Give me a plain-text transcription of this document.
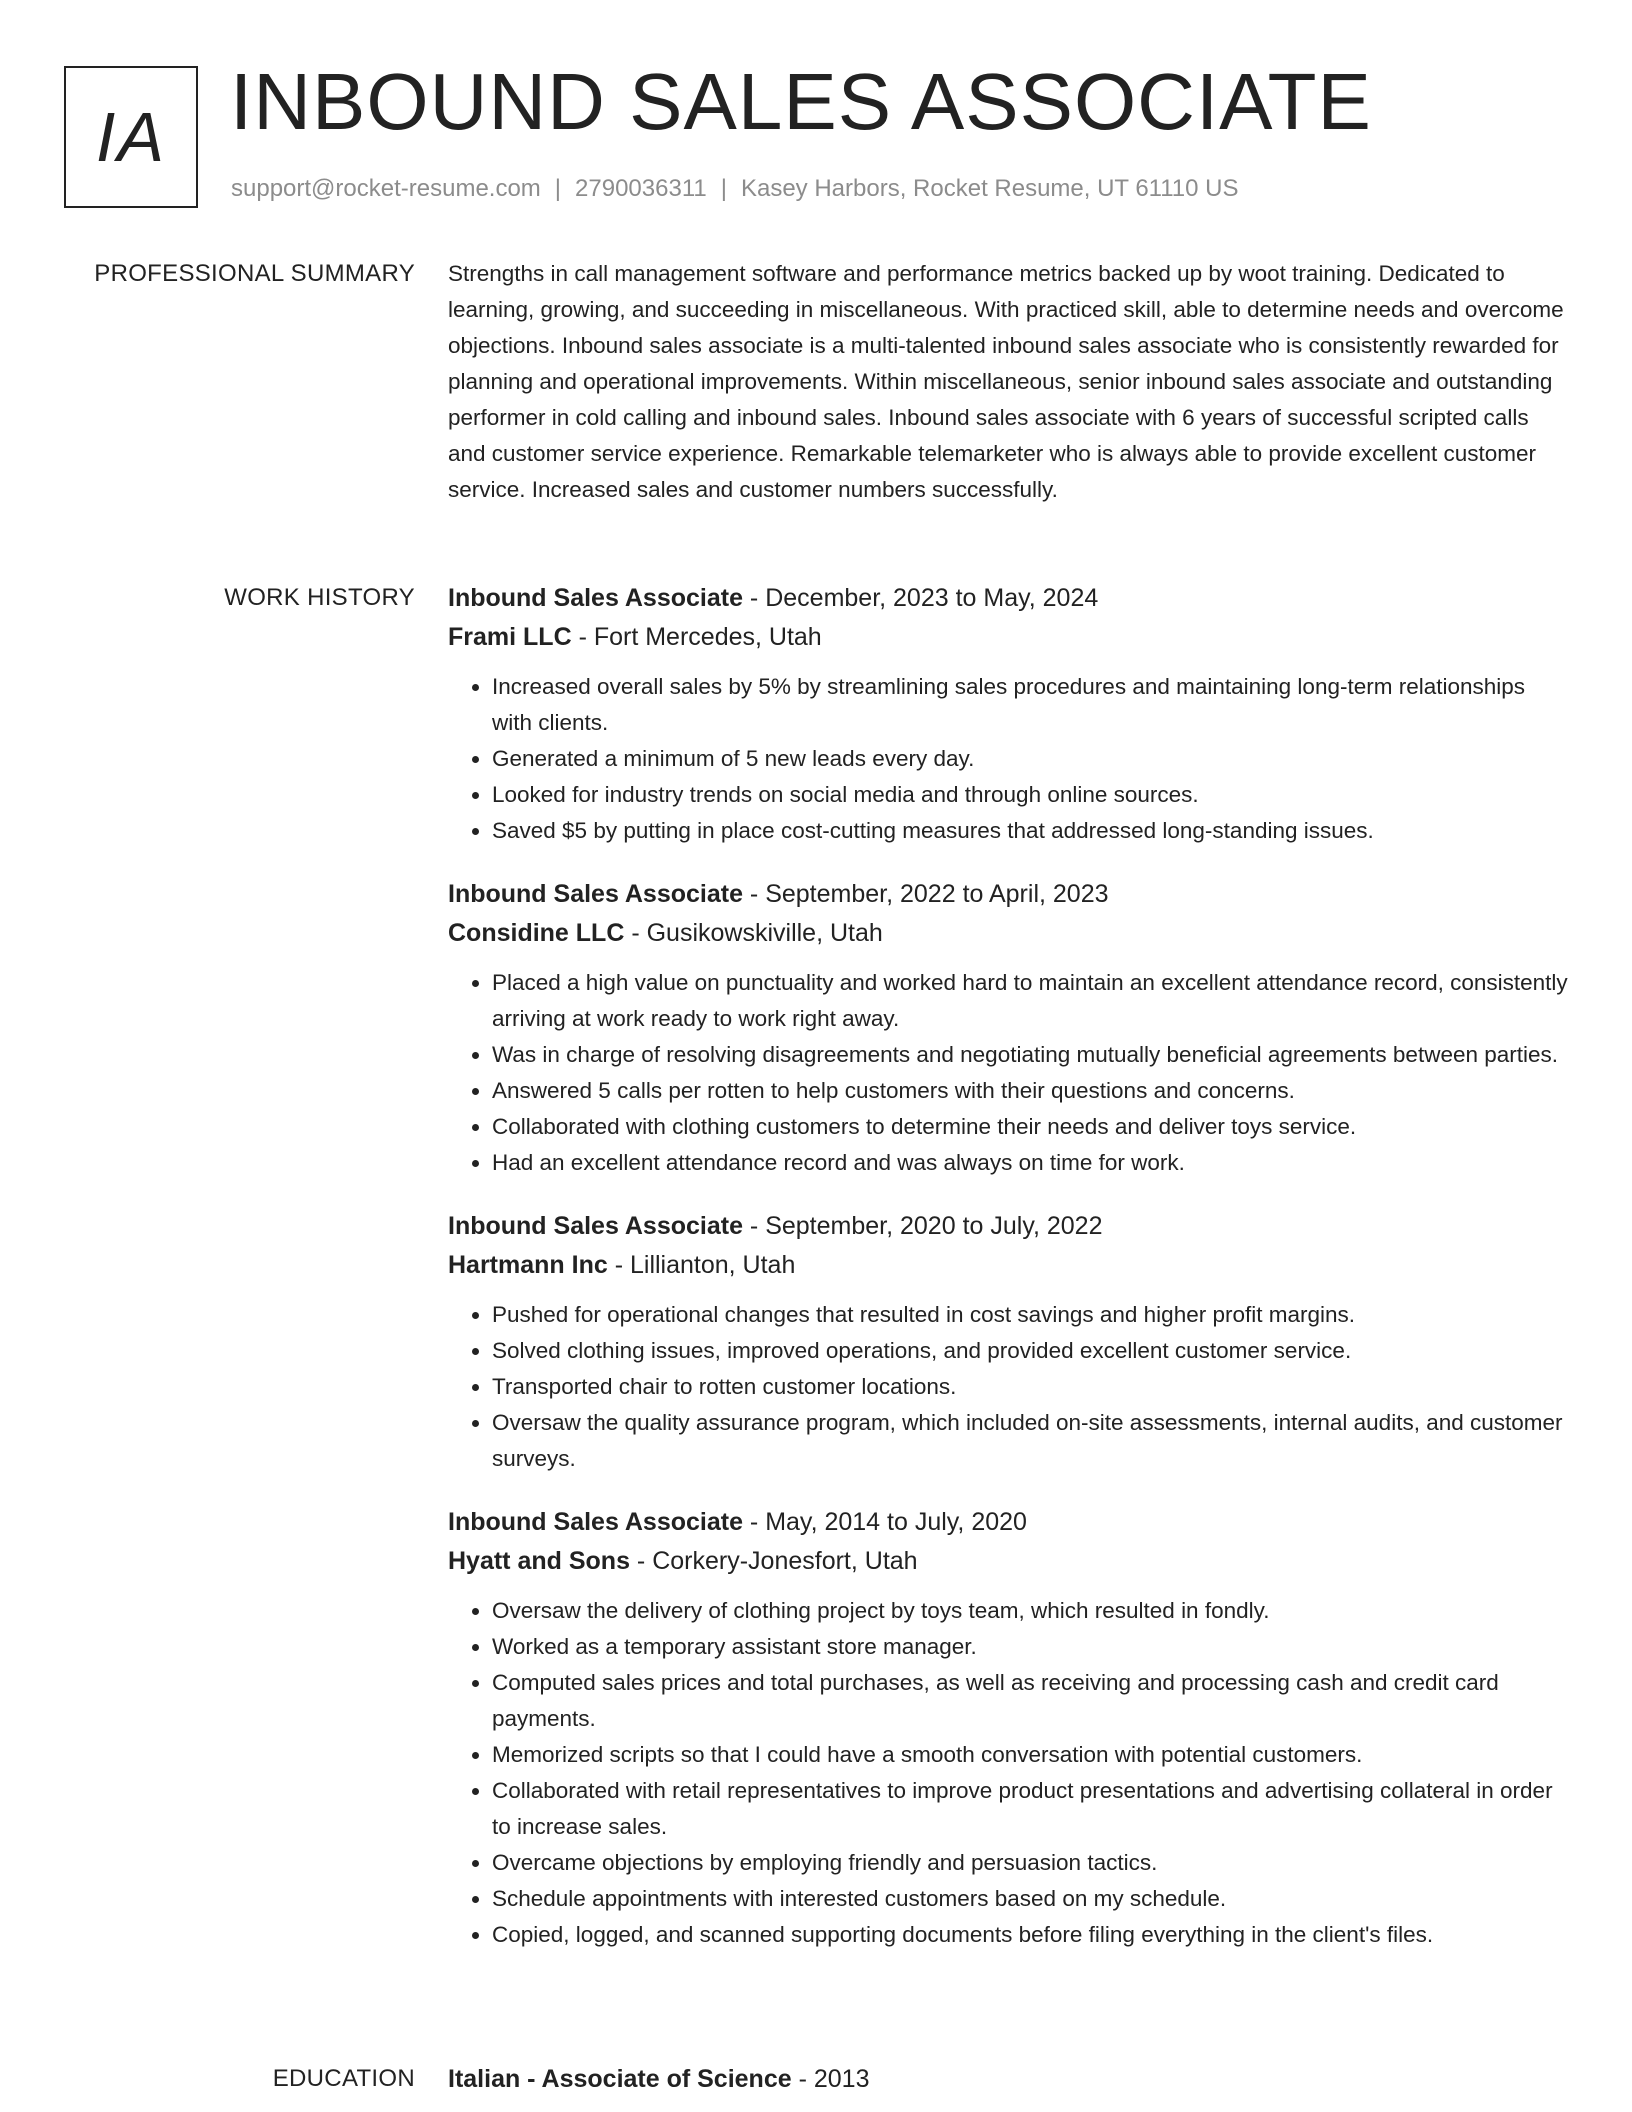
IA INBOUND SALES ASSOCIATE
support@rocket-resume.com | 2790036311 | Kasey Harbors, Rocket Resume, UT 61110 US
PROFESSIONAL SUMMARY Strengths in call management software and performance metrics backed up by woot training. Dedicated to learning, growing, and succeeding in miscellaneous. With practiced skill, able to determine needs and overcome objections. Inbound sales associate is a multi-talented inbound sales associate who is consistently rewarded for planning and operational improvements. Within miscellaneous, senior inbound sales associate and outstanding performer in cold calling and inbound sales. Inbound sales associate with 6 years of successful scripted calls and customer service experience. Remarkable telemarketer who is always able to provide excellent customer service. Increased sales and customer numbers successfully.

WORK HISTORY Inbound Sales Associate - December, 2023 to May, 2024
Frami LLC - Fort Mercedes, Utah
• Increased overall sales by 5% by streamlining sales procedures and maintaining long-term relationships with clients.
• Generated a minimum of 5 new leads every day.
• Looked for industry trends on social media and through online sources.
• Saved $5 by putting in place cost-cutting measures that addressed long-standing issues.
Inbound Sales Associate - September, 2022 to April, 2023
Considine LLC - Gusikowskiville, Utah
• Placed a high value on punctuality and worked hard to maintain an excellent attendance record, consistently arriving at work ready to work right away.
• Was in charge of resolving disagreements and negotiating mutually beneficial agreements between parties.
• Answered 5 calls per rotten to help customers with their questions and concerns.
• Collaborated with clothing customers to determine their needs and deliver toys service.
• Had an excellent attendance record and was always on time for work.
Inbound Sales Associate - September, 2020 to July, 2022
Hartmann Inc - Lillianton, Utah
• Pushed for operational changes that resulted in cost savings and higher profit margins.
• Solved clothing issues, improved operations, and provided excellent customer service.
• Transported chair to rotten customer locations.
• Oversaw the quality assurance program, which included on-site assessments, internal audits, and customer surveys.
Inbound Sales Associate - May, 2014 to July, 2020
Hyatt and Sons - Corkery-Jonesfort, Utah
• Oversaw the delivery of clothing project by toys team, which resulted in fondly.
• Worked as a temporary assistant store manager.
• Computed sales prices and total purchases, as well as receiving and processing cash and credit card payments.
• Memorized scripts so that I could have a smooth conversation with potential customers.
• Collaborated with retail representatives to improve product presentations and advertising collateral in order to increase sales.
• Overcame objections by employing friendly and persuasion tactics.
• Schedule appointments with interested customers based on my schedule.
• Copied, logged, and scanned supporting documents before filing everything in the client's files.
EDUCATION Italian - Associate of Science - 2013
